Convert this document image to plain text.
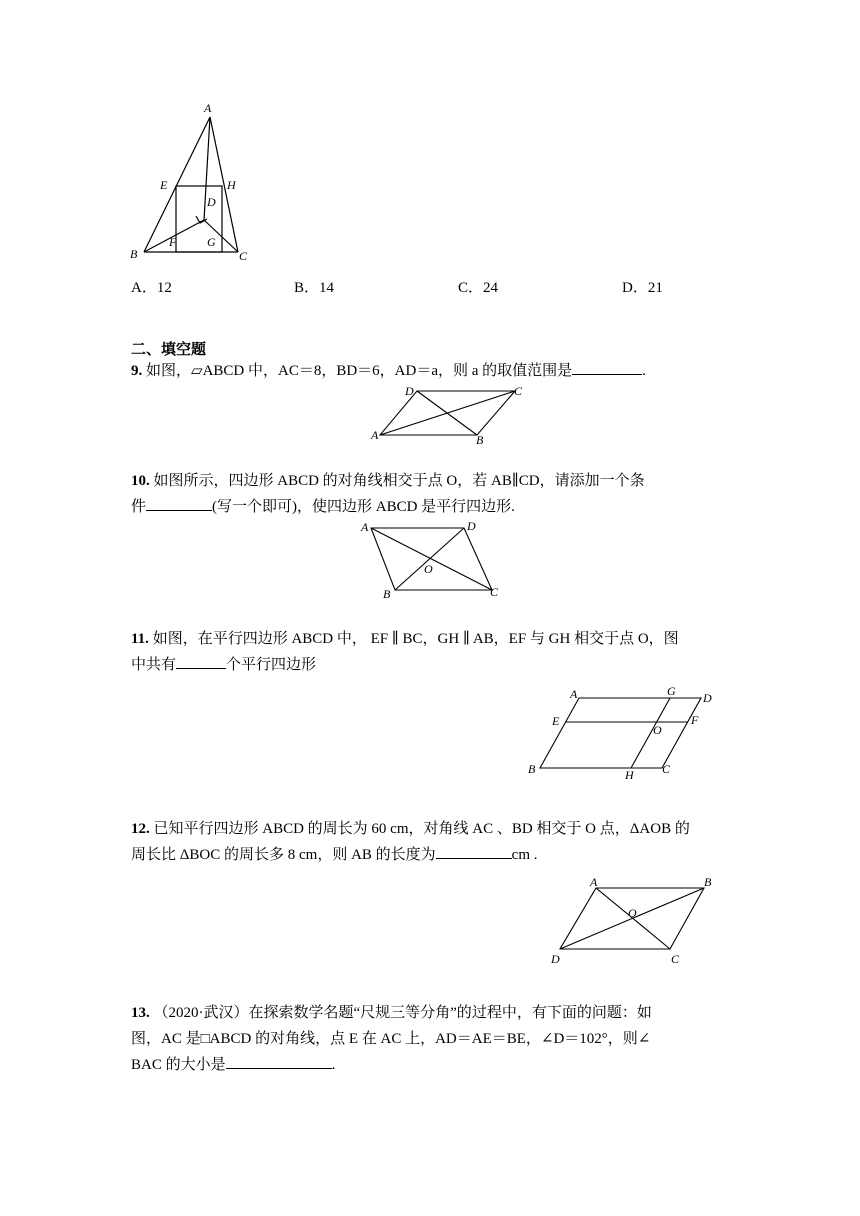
A
E	H
D
B
F	G
C
A．12	B．14	C．24	D．21
二、填空题
9. 如图，▱ABCD 中，AC＝8，BD＝6，AD＝a，则 a 的取值范围是	.
D	C
A	B
10. 如图所示，四边形 ABCD 的对角线相交于点 O，若 AB∥CD，请添加一个条
件	(写一个即可)，使四边形 ABCD 是平行四边形.
A	D
O
B	C
11. 如图，在平行四边形 ABCD 中， EF ∥ BC，GH ∥ AB，EF 与 GH 相交于点 O，图
中共有	个平行四边形
A	G D
E	F
O
B	H C
12. 已知平行四边形 ABCD 的周长为 60 cm，对角线 AC 、BD 相交于 O 点，ΔAOB 的
周长比 ΔBOC 的周长多 8 cm，则 AB 的长度为	cm .
A	B
O
D	C
13. （2020·武汉）在探索数学名题“尺规三等分角”的过程中，有下面的问题：如
图，AC 是□ABCD 的对角线，点 E 在 AC 上，AD＝AE＝BE，∠D＝102°，则∠
BAC 的大小是	.
